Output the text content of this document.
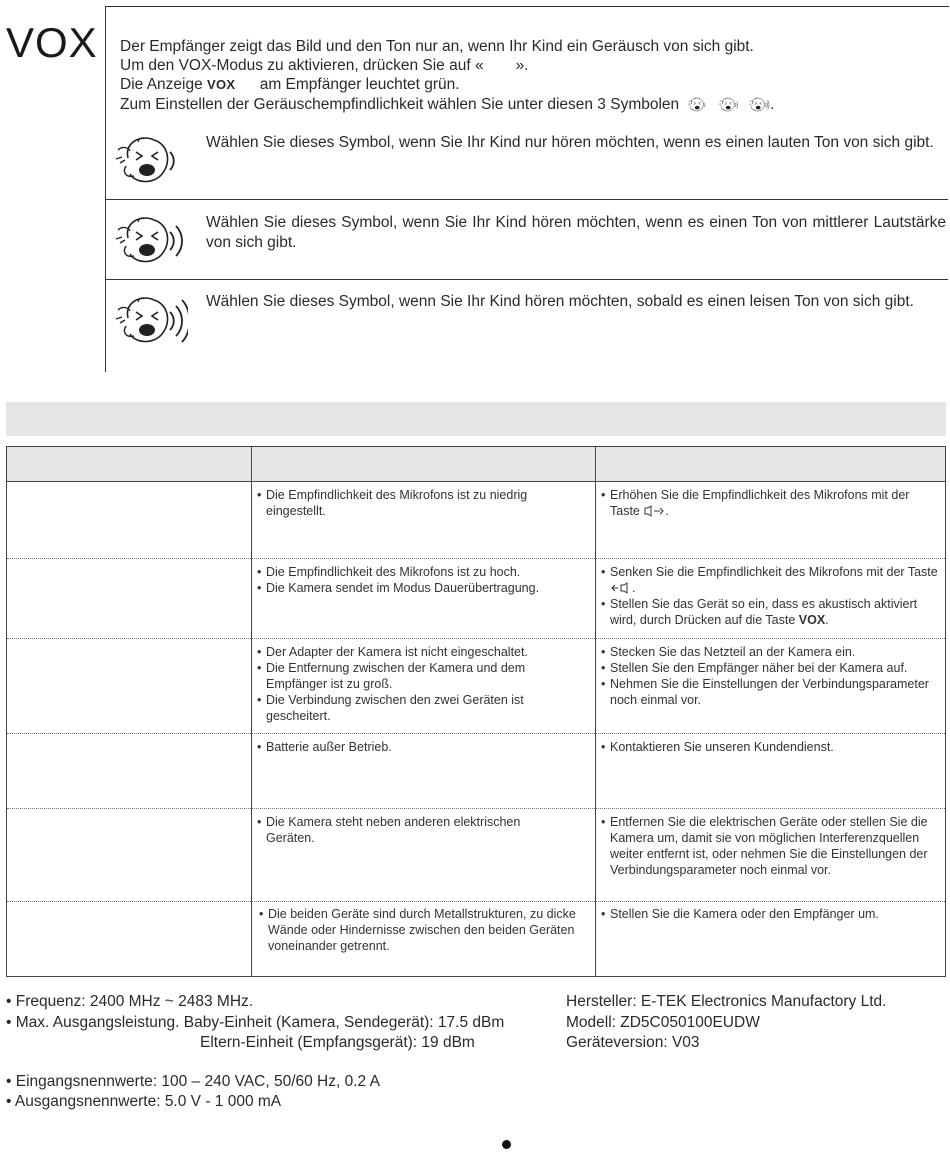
VOX Der Empfänger zeigt das Bild und den Ton nur an, wenn Ihr Kind ein Geräusch von sich gibt.
Um den VOX-Modus zu aktivieren, drücken Sie auf « ».
Die Anzeige VOX am Empfänger leuchtet grün.
Zum Einstellen der Geräuschempfindlichkeit wählen Sie unter diesen 3 Symbolen	.
Wählen Sie dieses Symbol, wenn Sie Ihr Kind nur hören möchten, wenn es einen lauten Ton von sich gibt.
Wählen Sie dieses Symbol, wenn Sie Ihr Kind hören möchten, wenn es einen Ton von mittlerer Lautstärke von sich gibt.
Wählen Sie dieses Symbol, wenn Sie Ihr Kind hören möchten, sobald es einen leisen Ton von sich gibt.
• Die Empfindlichkeit des Mikrofons ist zu niedrig eingestellt.
• Erhöhen Sie die Empfindlichkeit des Mikrofons mit der Taste .
• Die Empfindlichkeit des Mikrofons ist zu hoch.
• Die Kamera sendet im Modus Dauerübertragung.
• Senken Sie die Empfindlichkeit des Mikrofons mit der Taste .
• Stellen Sie das Gerät so ein, dass es akustisch aktiviert wird, durch Drücken auf die Taste VOX.
• Der Adapter der Kamera ist nicht eingeschaltet.
• Die Entfernung zwischen der Kamera und dem Empfänger ist zu groß.
• Die Verbindung zwischen den zwei Geräten ist gescheitert.
• Stecken Sie das Netzteil an der Kamera ein.
• Stellen Sie den Empfänger näher bei der Kamera auf.
• Nehmen Sie die Einstellungen der Verbindungsparameter noch einmal vor.
• Batterie außer Betrieb.
•	Kontaktieren Sie unseren Kundendienst.
• Die Kamera steht neben anderen elektrischen Geräten.
• Entfernen Sie die elektrischen Geräte oder stellen Sie die Kamera um, damit sie von möglichen Interferenzquellen weiter entfernt ist, oder nehmen Sie die Einstellungen der Verbindungsparameter noch einmal vor.
• Die beiden Geräte sind durch Metallstrukturen, zu dicke Wände oder Hindernisse zwischen den beiden Geräten voneinander getrennt.
• Stellen Sie die Kamera oder den Empfänger um.
• Frequenz: 2400 MHz ~ 2483 MHz.
• Max. Ausgangsleistung. Baby-Einheit (Kamera, Sendegerät): 17.5 dBm
Eltern-Einheit (Empfangsgerät): 19 dBm
• Eingangsnennwerte: 100 – 240 VAC, 50/60 Hz, 0.2 A
• Ausgangsnennwerte: 5.0 V - 1 000 mA
Hersteller: E-TEK Electronics Manufactory Ltd.
Modell: ZD5C050100EUDW
Geräteversion: V03
